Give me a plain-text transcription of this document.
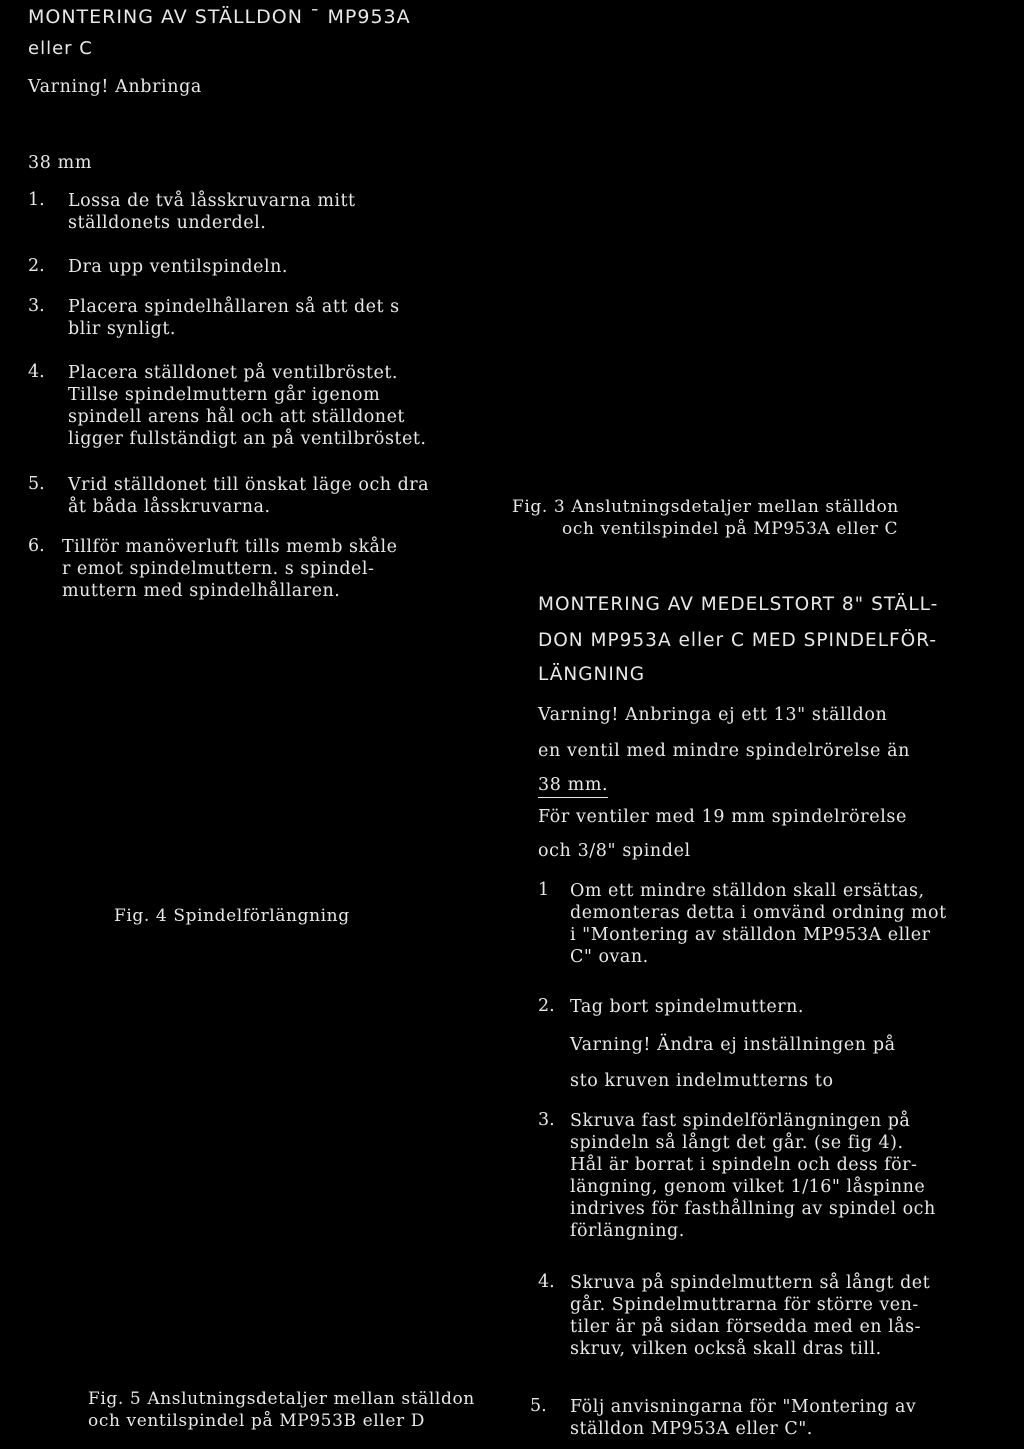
MONTERING AV STÄLLDON ˉ MP953A
eller C
Varning! Anbringa
38 mm
1. Lossa de två låsskruvarna mitt
ställdonets underdel.
2. Dra upp ventilspindeln.
3. Placera spindelhållaren så att det s
blir synligt.
4. Placera ställdonet på ventilbröstet.
Tillse spindelmuttern går igenom
spindell arens hål och att ställdonet
ligger fullständigt an på ventilbröstet.
5. Vrid ställdonet till önskat läge och dra
åt båda låsskruvarna.
6. Tillför manöverluft tills memb skåle
r emot spindelmuttern. s spindel-
muttern med spindelhållaren.
Fig. 4 Spindelförlängning
Fig. 5 Anslutningsdetaljer mellan ställdon
och ventilspindel på MP953B eller D
Fig. 3 Anslutningsdetaljer mellan ställdon
och ventilspindel på MP953A eller C
MONTERING AV MEDELSTORT 8" STÄLL-
DON MP953A eller C MED SPINDELFÖR-
LÄNGNING
Varning! Anbringa ej ett 13" ställdon
en ventil med mindre spindelrörelse än
38 mm.
För ventiler med 19 mm spindelrörelse
och 3/8" spindel
1 Om ett mindre ställdon skall ersättas,
demonteras detta i omvänd ordning mot
i "Montering av ställdon MP953A eller
C" ovan.
2. Tag bort spindelmuttern.
Varning! Ändra ej inställningen på
sto kruven indelmutterns to
3. Skruva fast spindelförlängningen på
spindeln så långt det går. (se fig 4).
Hål är borrat i spindeln och dess för-
längning, genom vilket 1/16" låspinne
indrives för fasthållning av spindel och
förlängning.
4. Skruva på spindelmuttern så långt det
går. Spindelmuttrarna för större ven-
tiler är på sidan försedda med en lås-
skruv, vilken också skall dras till.
5. Följ anvisningarna för "Montering av
ställdon MP953A eller C".
